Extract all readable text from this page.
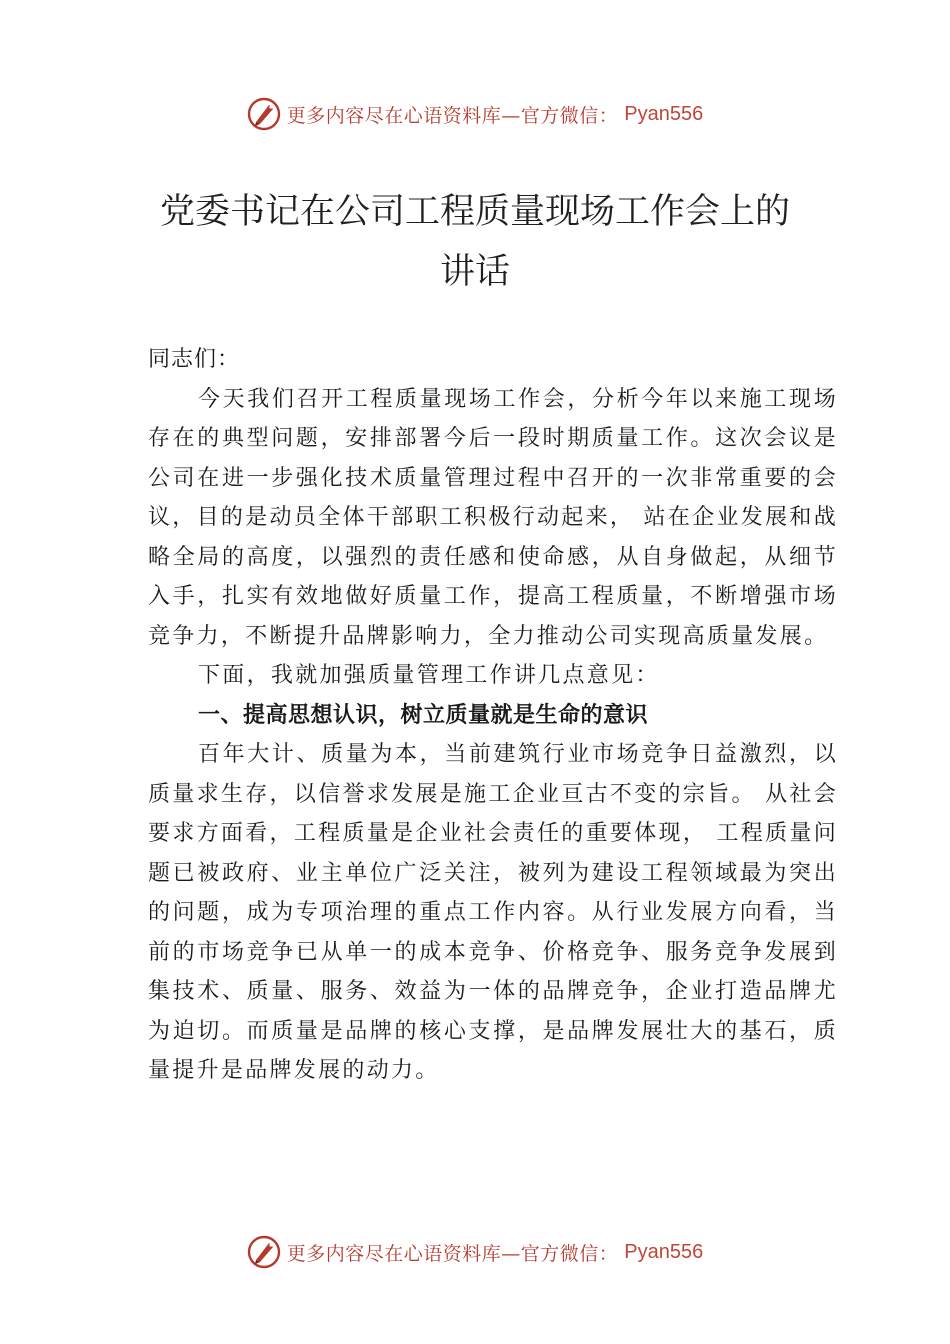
更多内容尽在心语资料库—官方微信： Pyan556
党委书记在公司工程质量现场工作会上的
讲话

同志们：

今天我们召开工程质量现场工作会，分析今年以来施工现场存在的典型问题，安排部署今后一段时期质量工作。这次会议是公司在进一步强化技术质量管理过程中召开的一次非常重要的会议，目的是动员全体干部职工积极行动起来， 站在企业发展和战略全局的高度，以强烈的责任感和使命感，从自身做起，从细节入手，扎实有效地做好质量工作，提高工程质量，不断增强市场竞争力，不断提升品牌影响力，全力推动公司实现高质量发展。

下面，我就加强质量管理工作讲几点意见：

一、提高思想认识，树立质量就是生命的意识

百年大计、质量为本，当前建筑行业市场竞争日益激烈，以质量求生存，以信誉求发展是施工企业亘古不变的宗旨。 从社会要求方面看，工程质量是企业社会责任的重要体现， 工程质量问题已被政府、业主单位广泛关注，被列为建设工程领域最为突出的问题，成为专项治理的重点工作内容。从行业发展方向看，当前的市场竞争已从单一的成本竞争、价格竞争、服务竞争发展到集技术、质量、服务、效益为一体的品牌竞争，企业打造品牌尤为迫切。而质量是品牌的核心支撑，是品牌发展壮大的基石，质量提升是品牌发展的动力。

更多内容尽在心语资料库—官方微信： Pyan556
